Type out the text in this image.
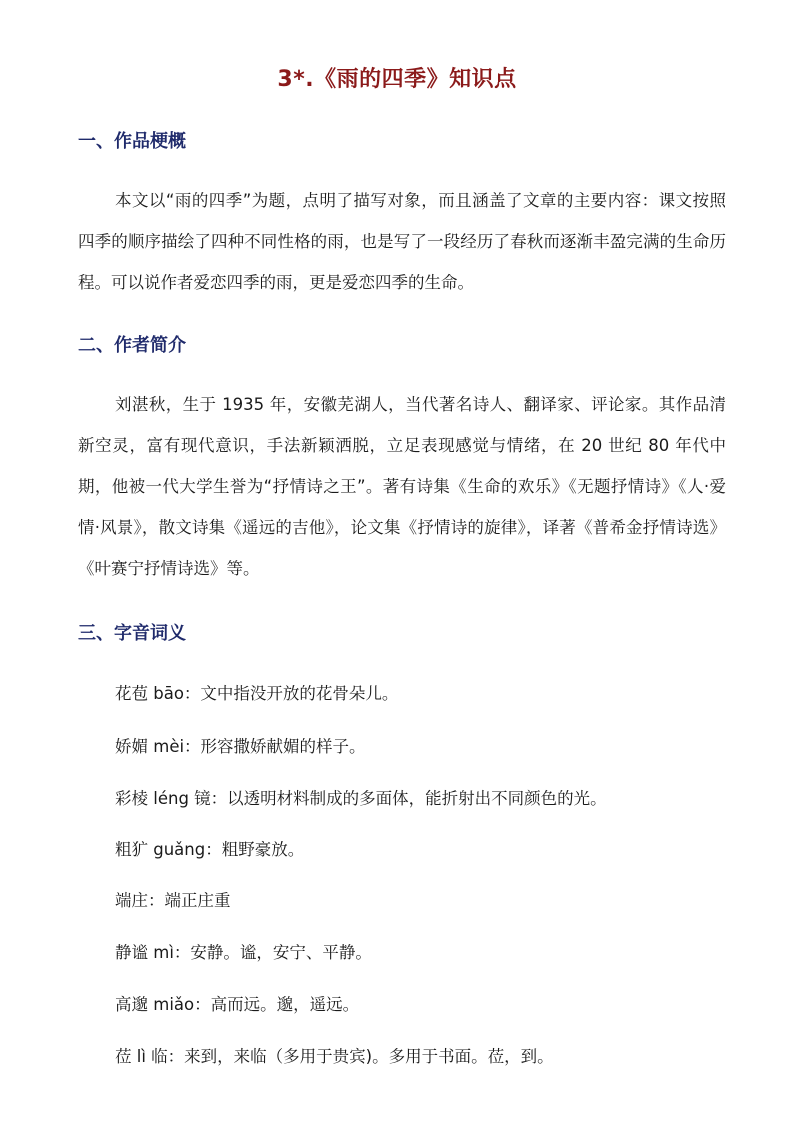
3*.《雨的四季》知识点
一、作品梗概

本文以“雨的四季”为题，点明了描写对象，而且涵盖了文章的主要内容：课文按照四季的顺序描绘了四种不同性格的雨，也是写了一段经历了春秋而逐渐丰盈完满的生命历程。可以说作者爱恋四季的雨，更是爱恋四季的生命。

二、作者简介

刘湛秋，生于 1935 年，安徽芜湖人，当代著名诗人、翻译家、评论家。其作品清新空灵，富有现代意识，手法新颖洒脱，立足表现感觉与情绪，在 20 世纪 80 年代中期，他被一代大学生誉为“抒情诗之王”。著有诗集《生命的欢乐》《无题抒情诗》《人·爱情·风景》，散文诗集《遥远的吉他》，论文集《抒情诗的旋律》，译著《普希金抒情诗选》《叶赛宁抒情诗选》等。

三、字音词义

花苞 bāo：文中指没开放的花骨朵儿。

娇媚 mèi：形容撒娇献媚的样子。

彩棱 léng 镜：以透明材料制成的多面体，能折射出不同颜色的光。

粗犷 guǎng：粗野豪放。

端庄：端正庄重

静谧 mì：安静。谧，安宁、平静。

高邈 miǎo：高而远。邈，遥远。

莅 lì 临：来到，来临（多用于贵宾)。多用于书面。莅，到。
